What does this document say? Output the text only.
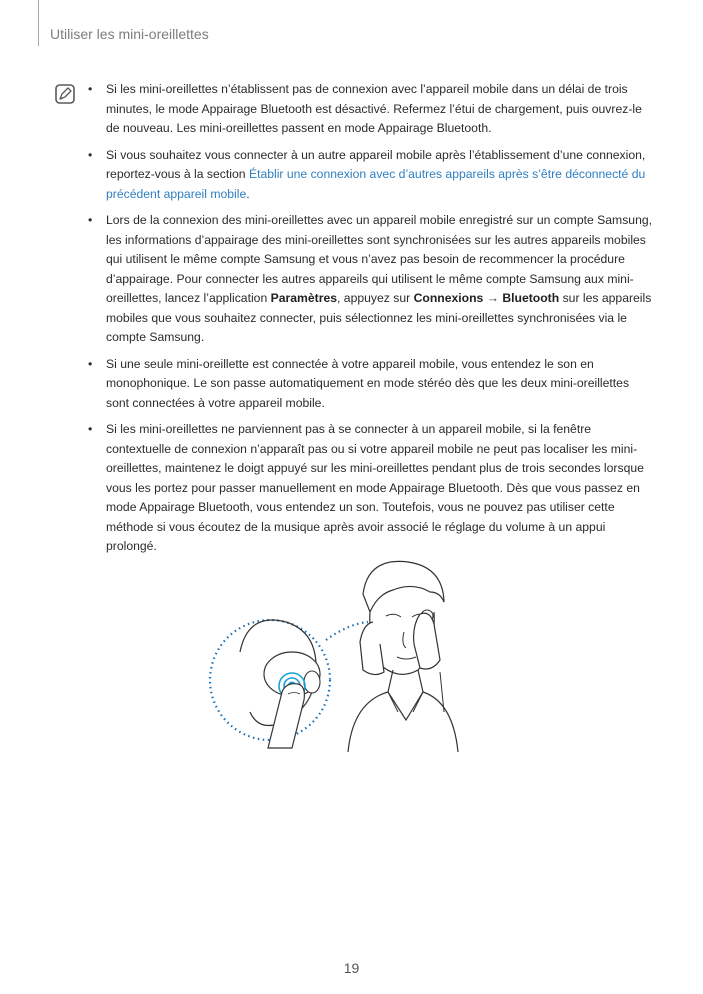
Utiliser les mini-oreillettes
• Si les mini-oreillettes n’établissent pas de connexion avec l’appareil mobile dans un délai de trois minutes, le mode Appairage Bluetooth est désactivé. Refermez l’étui de chargement, puis ouvrez-le de nouveau. Les mini-oreillettes passent en mode Appairage Bluetooth.
• Si vous souhaitez vous connecter à un autre appareil mobile après l’établissement d’une connexion, reportez-vous à la section Établir une connexion avec d’autres appareils après s’être déconnecté du précédent appareil mobile.
• Lors de la connexion des mini-oreillettes avec un appareil mobile enregistré sur un compte Samsung, les informations d’appairage des mini-oreillettes sont synchronisées sur les autres appareils mobiles qui utilisent le même compte Samsung et vous n’avez pas besoin de recommencer la procédure d’appairage. Pour connecter les autres appareils qui utilisent le même compte Samsung aux mini-oreillettes, lancez l’application Paramètres, appuyez sur Connexions → Bluetooth sur les appareils mobiles que vous souhaitez connecter, puis sélectionnez les mini-oreillettes synchronisées via le compte Samsung.
• Si une seule mini-oreillette est connectée à votre appareil mobile, vous entendez le son en monophonique. Le son passe automatiquement en mode stéréo dès que les deux mini-oreillettes sont connectées à votre appareil mobile.
• Si les mini-oreillettes ne parviennent pas à se connecter à un appareil mobile, si la fenêtre contextuelle de connexion n’apparaît pas ou si votre appareil mobile ne peut pas localiser les mini-oreillettes, maintenez le doigt appuyé sur les mini-oreillettes pendant plus de trois secondes lorsque vous les portez pour passer manuellement en mode Appairage Bluetooth. Dès que vous passez en mode Appairage Bluetooth, vous entendez un son. Toutefois, vous ne pouvez pas utiliser cette méthode si vous écoutez de la musique après avoir associé le réglage du volume à un appui prolongé.
19
